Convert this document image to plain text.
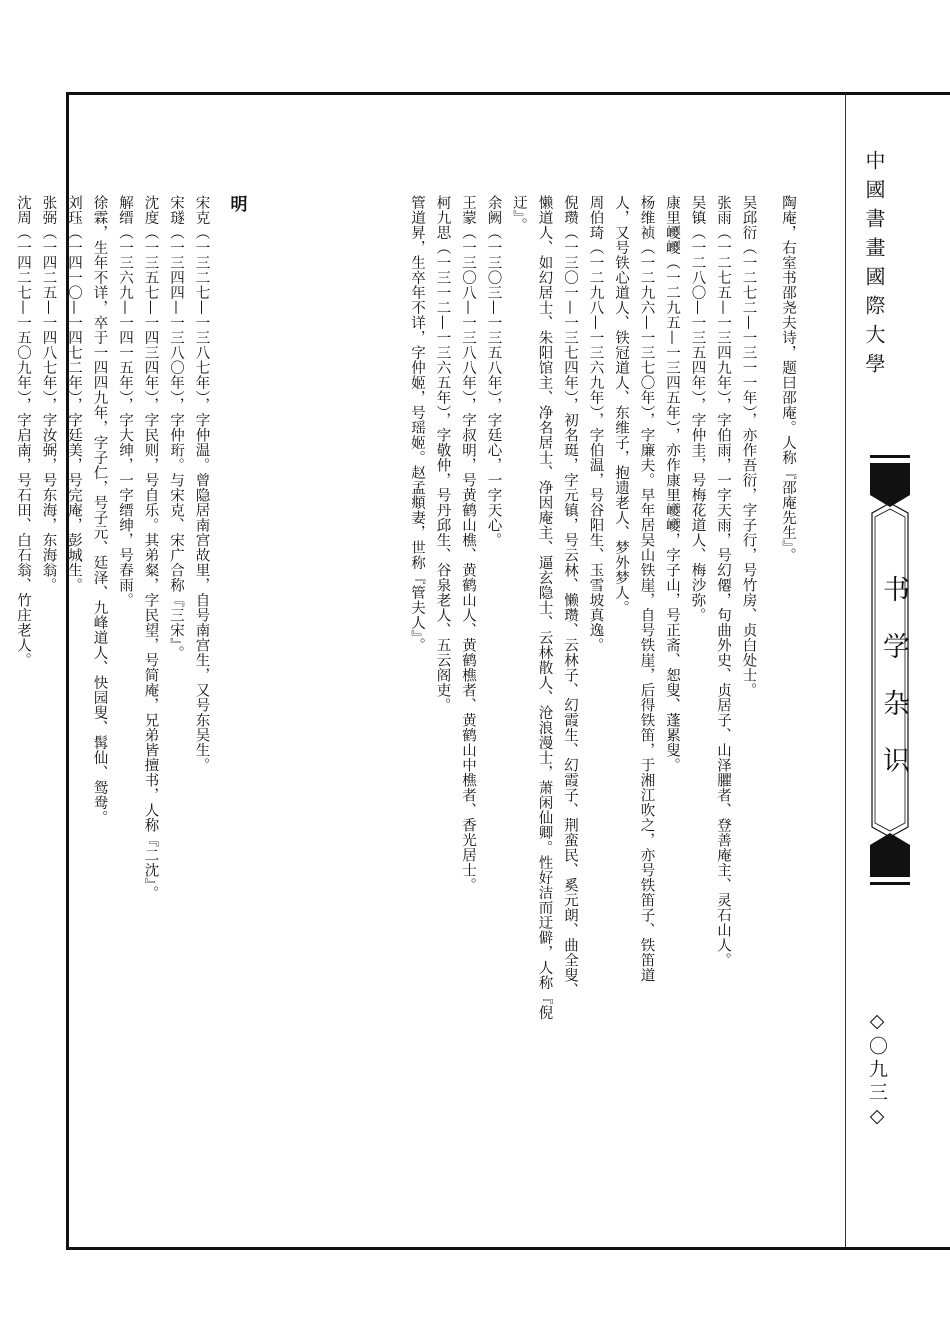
中國書畫國際大學
书学杂识
◇〇九三◇
陶庵，右室书邵尧夫诗，题曰邵庵。人称『邵庵先生』。
吴邱衍（一二七二—一三一一年），亦作吾衍，字子行，号竹房、贞白处士。
张雨（一二七五—一三四九年），字伯雨，一字天雨，号幻僊，句曲外史、贞居子、山泽臞者、登善庵主、灵石山人。
吴镇（一二八〇—一三五四年），字仲圭，号梅花道人、梅沙弥。
康里巎巎（一二九五—一三四五年），亦作康里巙巙，字子山，号正斋、恕叟、蓬累叟。
杨维祯（一二九六—一三七〇年），字廉夫。早年居吴山铁崖，自号铁崖，后得铁笛，于湘江吹之，亦号铁笛子、铁笛道
人，又号铁心道人、铁冠道人、东维子，抱遗老人、梦外梦人。
周伯琦（一二九八—一三六九年），字伯温，号谷阳生、玉雪坡真逸。
倪瓒（一三〇一—一三七四年），初名珽，字元镇，号云林、懒瓒、云林子、幻霞生、幻霞子、荆蛮民、奚元朗、曲全叟、
懒道人、如幻居士、朱阳馆主、净名居士、净因庵主、逼玄隐士、云林散人、沧浪漫士，萧闲仙卿。性好洁而迂僻，人称『倪
迂』。
余阙（一三〇三—一三五八年），字廷心，一字天心。
王蒙（一三〇八—一三八八年），字叔明，号黄鹤山樵、黄鹤山人、黄鹤樵者、黄鹤山中樵者、香光居士。
柯九思（一三一二—一三六五年），字敬仲，号丹邱生、谷泉老人、五云阁吏。
管道昇，生卒年不详，字仲姬，号瑶姬。赵孟頫妻，世称『管夫人』。
明
宋克（一三二七—一三八七年），字仲温。曾隐居南宫故里，自号南宫生，又号东吴生。
宋璲（一三四四—一三八〇年），字仲珩。与宋克、宋广合称『三宋』。
沈度（一三五七—一四三四年），字民则，号自乐。其弟粲，字民望，号简庵，兄弟皆擅书，人称『二沈』。
解缙（一三六九—一四一五年），字大绅，一字缙绅，号春雨。
徐霖，生年不详，卒于一四四九年，字子仁，号子元、廷泽、九峰道人、快园叟、髯仙、鸳鸯。
刘珏（一四一〇—一四七二年），字廷美，号完庵，彭城生。
张弼（一四二五—一四八七年），字汝弼，号东海，东海翁。
沈周（一四二七—一五〇九年），字启南，号石田、白石翁、竹庄老人。
